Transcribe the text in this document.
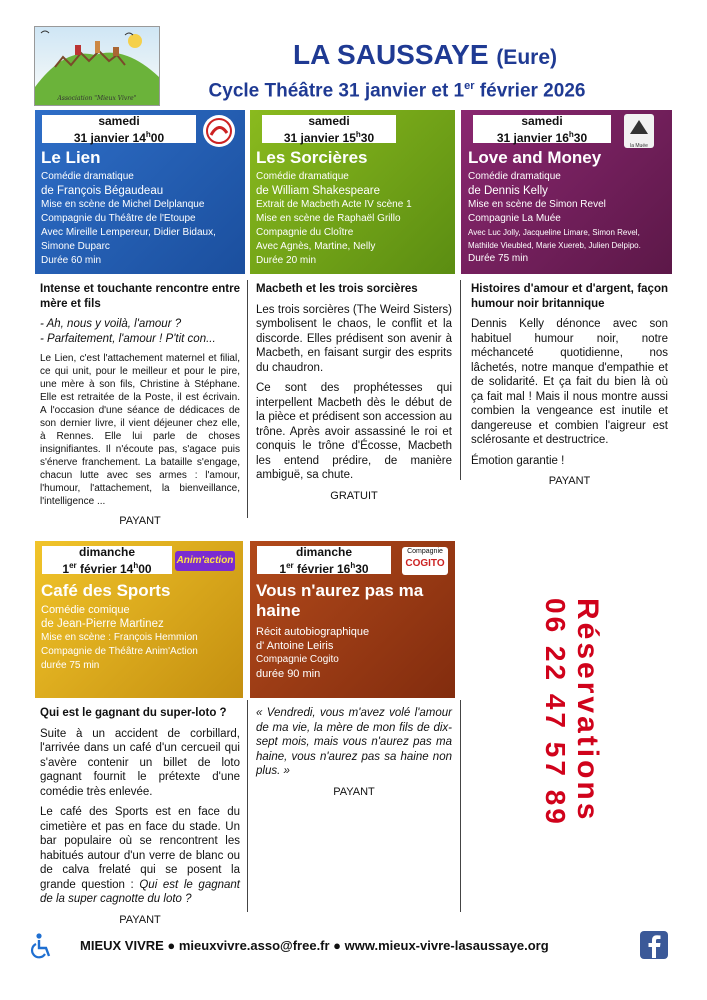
Association "Mieux Vivre"
LA SAUSSAYE (Eure)
Cycle Théâtre 31 janvier et 1er février 2026
samedi
31 janvier 14$^h$00
Le Lien
Comédie dramatique
de François Bégaudeau
Mise en scène de Michel Delplanque
Compagnie du Théâtre de l'Etoupe
Avec Mireille Lempereur, Didier Bidaux,
Simone Duparc
Durée 60 min
samedi
31 janvier 15$^h$30
Les Sorcières
Comédie dramatique
de William Shakespeare
Extrait de Macbeth Acte IV scène 1
Mise en scène de Raphaël Grillo
Compagnie du Cloître
Avec Agnès, Martine, Nelly
Durée 20 min
samedi
31 janvier 16$^h$30
la Muée
Love and Money
Comédie dramatique
de Dennis Kelly
Mise en scène de Simon Revel
Compagnie La Muée
Avec Luc Jolly, Jacqueline Limare, Simon Revel,
Mathilde Vieubled, Marie Xuereb, Julien Delpipo.
Durée 75 min

Intense et touchante rencontre entre mère et fils

- Ah, nous y voilà, l'amour ?

- Parfaitement, l'amour ! P'tit con...

Le Lien, c'est l'attachement maternel et filial, ce qui unit, pour le meilleur et pour le pire, une mère à son fils, Christine à Stéphane. Elle est retraitée de la Poste, il est écrivain. A l'occasion d'une séance de dédicaces de son dernier livre, il vient déjeuner chez elle, à Rennes. Elle lui parle de choses insignifiantes. Il n'écoute pas, s'agace puis s'énerve franchement. La bataille s'engage, chacun lutte avec ses armes : l'amour, l'humour, l'attachement, la bienveillance, l'intelligence ...

PAYANT

Macbeth et les trois sorcières

Les trois sorcières (The Weird Sisters) symbolisent le chaos, le conflit et la discorde. Elles prédisent son avenir à Macbeth, en faisant surgir des esprits du chaudron.

Ce sont des prophétesses qui interpellent Macbeth dès le début de la pièce et prédisent son accession au trône. Après avoir assassiné le roi et conquis le trône d'Écosse, Macbeth les entend prédire, de manière ambiguë, sa chute.

GRATUIT

Histoires d'amour et d'argent, façon humour noir britannique

Dennis Kelly dénonce avec son habituel humour noir, notre méchanceté quotidienne, nos lâchetés, notre manque d'empathie et de solidarité. Et ça fait du bien là où ça fait mal ! Mais il nous montre aussi combien la vengeance est inutile et dangereuse et combien l'aigreur est sclérosante et destructrice.

Émotion garantie !

PAYANT
dimanche
1er février 14$^h$00
Anim'action
Café des Sports
Comédie comique
de Jean-Pierre Martinez
Mise en scène : François Hemmion
Compagnie de Théâtre Anim'Action
durée 75 min
dimanche
1er février 16$^h$30
Compagnie
COGITO
Vous n'aurez pas ma haine
Récit autobiographique
d' Antoine Leiris
Compagnie Cogito
durée 90 min

Qui est le gagnant du super-loto ?

Suite à un accident de corbillard, l'arrivée dans un café d'un cercueil qui s'avère contenir un billet de loto gagnant fournit le prétexte d'une comédie très enlevée.

Le café des Sports est en face du cimetière et pas en face du stade. Un bar populaire où se rencontrent les habitués autour d'un verre de blanc ou de calva frelaté qui se posent la grande question : Qui est le gagnant de la super cagnotte du loto ?

PAYANT

« Vendredi, vous m'avez volé l'amour de ma vie, la mère de mon fils de dix-sept mois, mais vous n'aurez pas ma haine, vous n'aurez pas sa haine non plus. »

PAYANT	Réservations
06 22 47 57 89
MIEUX VIVRE ● mieuxvivre.asso@free.fr ● www.mieux-vivre-lasaussaye.org
